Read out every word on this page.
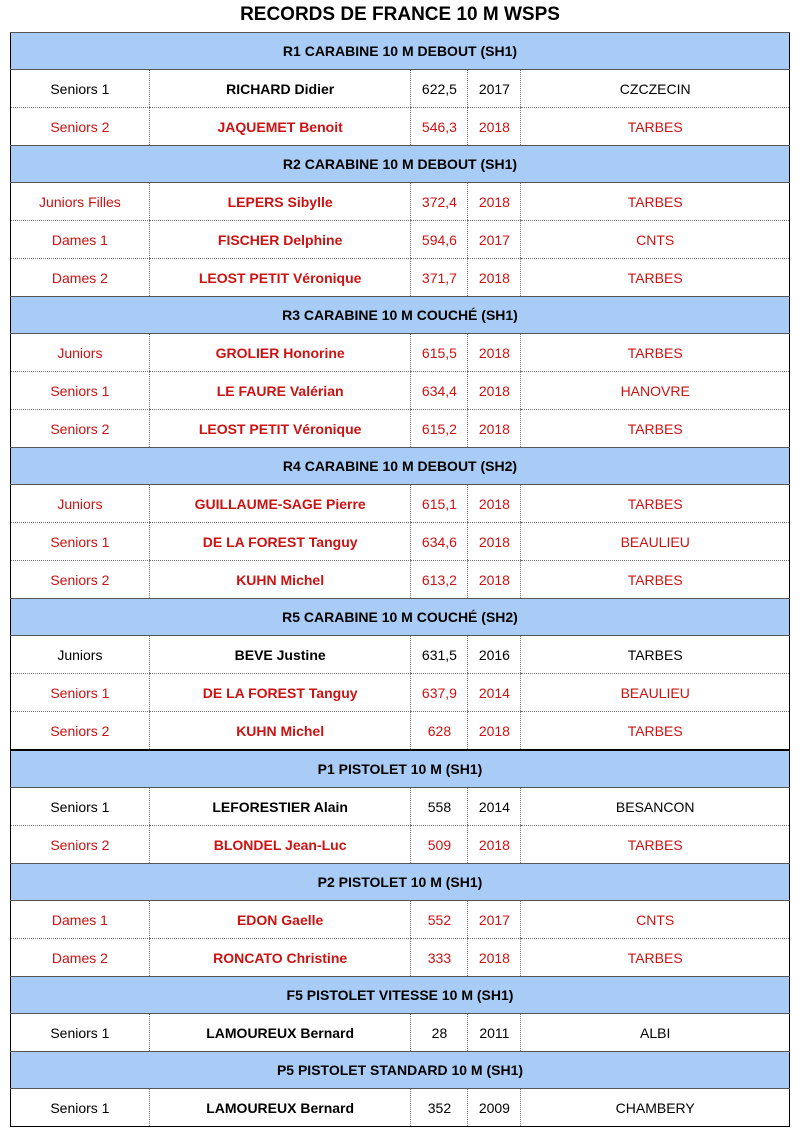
RECORDS DE FRANCE 10 M WSPS
R1 CARABINE 10 M DEBOUT (SH1)				
Seniors 1	RICHARD Didier	622,5	2017	CZCZECIN
Seniors 2	JAQUEMET Benoit	546,3	2018	TARBES
R2 CARABINE 10 M DEBOUT (SH1)				
Juniors Filles	LEPERS Sibylle	372,4	2018	TARBES
Dames 1	FISCHER Delphine	594,6	2017	CNTS
Dames 2	LEOST PETIT Véronique	371,7	2018	TARBES
R3 CARABINE 10 M COUCHÉ (SH1)				
Juniors	GROLIER Honorine	615,5	2018	TARBES
Seniors 1	LE FAURE Valérian	634,4	2018	HANOVRE
Seniors 2	LEOST PETIT Véronique	615,2	2018	TARBES
R4 CARABINE 10 M DEBOUT (SH2)				
Juniors	GUILLAUME-SAGE Pierre	615,1	2018	TARBES
Seniors 1	DE LA FOREST Tanguy	634,6	2018	BEAULIEU
Seniors 2	KUHN Michel	613,2	2018	TARBES
R5 CARABINE 10 M COUCHÉ (SH2)				
Juniors	BEVE Justine	631,5	2016	TARBES
Seniors 1	DE LA FOREST Tanguy	637,9	2014	BEAULIEU
Seniors 2	KUHN Michel	628	2018	TARBES
P1 PISTOLET 10 M (SH1)				
Seniors 1	LEFORESTIER Alain	558	2014	BESANCON
Seniors 2	BLONDEL Jean-Luc	509	2018	TARBES
P2 PISTOLET 10 M (SH1)				
Dames 1	EDON Gaelle	552	2017	CNTS
Dames 2	RONCATO Christine	333	2018	TARBES
F5 PISTOLET VITESSE 10 M (SH1)				
Seniors 1	LAMOUREUX Bernard	28	2011	ALBI
P5 PISTOLET STANDARD 10 M (SH1)				
Seniors 1	LAMOUREUX Bernard	352	2009	CHAMBERY
